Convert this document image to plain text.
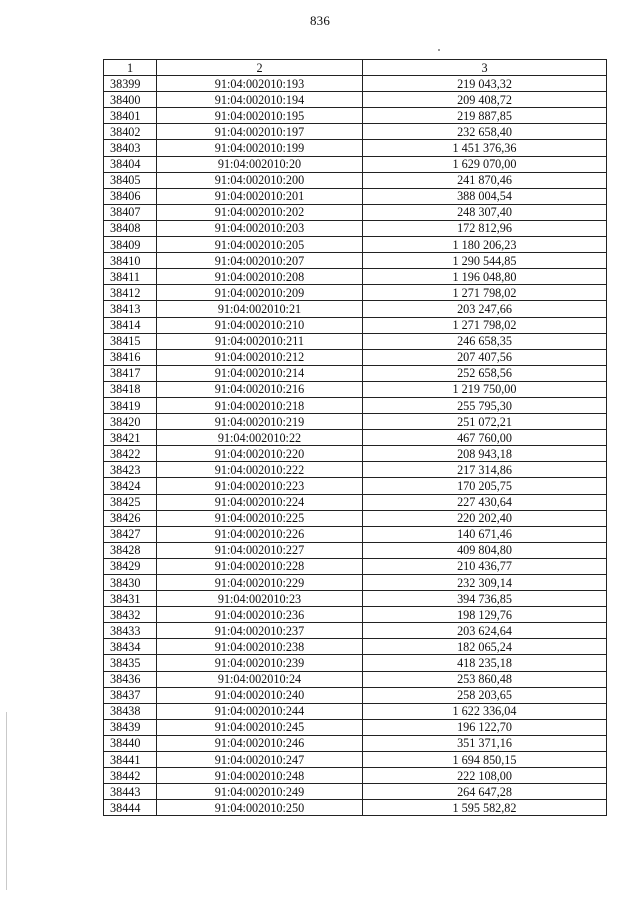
836
1	2	3
38399	91:04:002010:193	219 043,32
38400	91:04:002010:194	209 408,72
38401	91:04:002010:195	219 887,85
38402	91:04:002010:197	232 658,40
38403	91:04:002010:199	1 451 376,36
38404	91:04:002010:20	1 629 070,00
38405	91:04:002010:200	241 870,46
38406	91:04:002010:201	388 004,54
38407	91:04:002010:202	248 307,40
38408	91:04:002010:203	172 812,96
38409	91:04:002010:205	1 180 206,23
38410	91:04:002010:207	1 290 544,85
38411	91:04:002010:208	1 196 048,80
38412	91:04:002010:209	1 271 798,02
38413	91:04:002010:21	203 247,66
38414	91:04:002010:210	1 271 798,02
38415	91:04:002010:211	246 658,35
38416	91:04:002010:212	207 407,56
38417	91:04:002010:214	252 658,56
38418	91:04:002010:216	1 219 750,00
38419	91:04:002010:218	255 795,30
38420	91:04:002010:219	251 072,21
38421	91:04:002010:22	467 760,00
38422	91:04:002010:220	208 943,18
38423	91:04:002010:222	217 314,86
38424	91:04:002010:223	170 205,75
38425	91:04:002010:224	227 430,64
38426	91:04:002010:225	220 202,40
38427	91:04:002010:226	140 671,46
38428	91:04:002010:227	409 804,80
38429	91:04:002010:228	210 436,77
38430	91:04:002010:229	232 309,14
38431	91:04:002010:23	394 736,85
38432	91:04:002010:236	198 129,76
38433	91:04:002010:237	203 624,64
38434	91:04:002010:238	182 065,24
38435	91:04:002010:239	418 235,18
38436	91:04:002010:24	253 860,48
38437	91:04:002010:240	258 203,65
38438	91:04:002010:244	1 622 336,04
38439	91:04:002010:245	196 122,70
38440	91:04:002010:246	351 371,16
38441	91:04:002010:247	1 694 850,15
38442	91:04:002010:248	222 108,00
38443	91:04:002010:249	264 647,28
38444	91:04:002010:250	1 595 582,82
